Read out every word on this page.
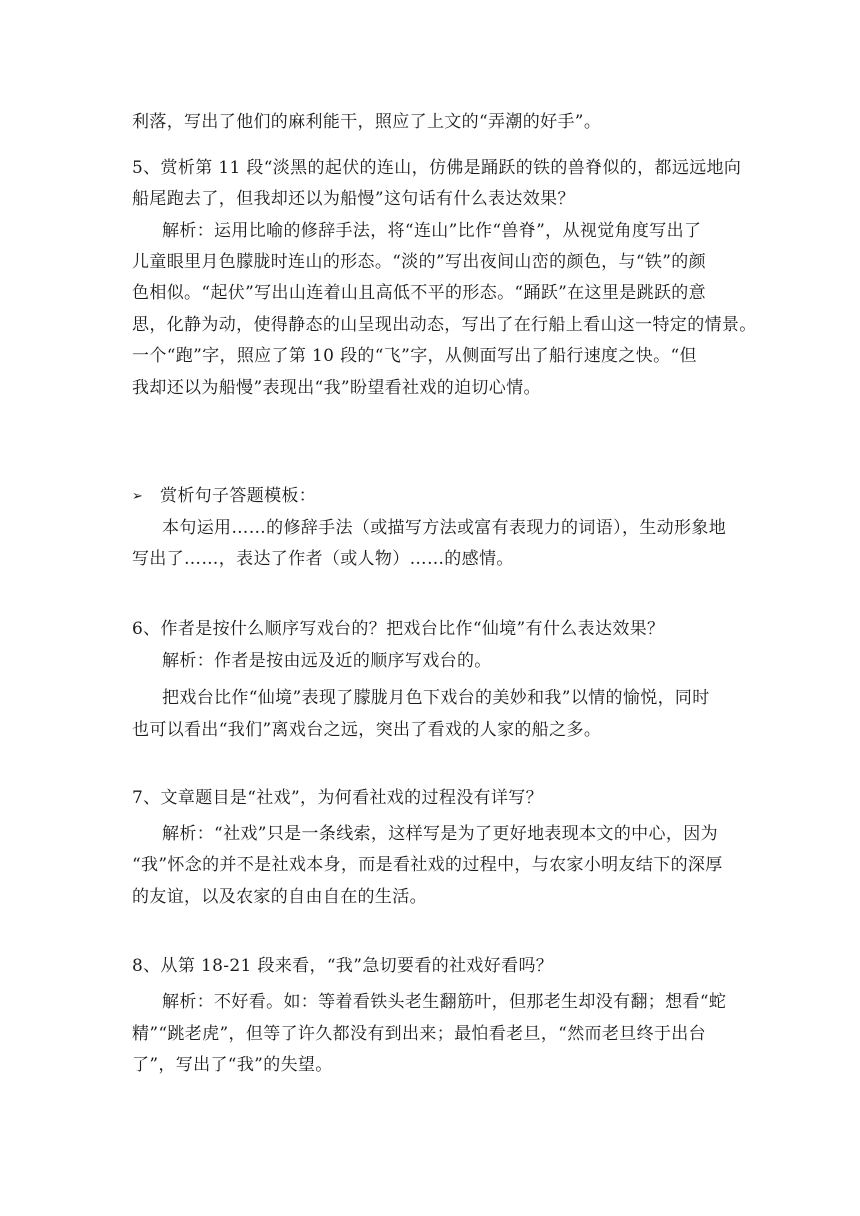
利落，写出了他们的麻利能干，照应了上文的“弄潮的好手”。
5、赏析第 11 段“淡黑的起伏的连山，仿佛是踊跃的铁的兽脊似的，都远远地向
船尾跑去了，但我却还以为船慢”这句话有什么表达效果？
解析：运用比喻的修辞手法，将“连山”比作“兽脊”，从视觉角度写出了
儿童眼里月色朦胧时连山的形态。“淡的”写出夜间山峦的颜色，与“铁”的颜
色相似。“起伏”写出山连着山且高低不平的形态。“踊跃”在这里是跳跃的意
思，化静为动，使得静态的山呈现出动态，写出了在行船上看山这一特定的情景。
一个“跑”字，照应了第 10 段的“飞”字，从侧面写出了船行速度之快。“但
我却还以为船慢”表现出“我”盼望看社戏的迫切心情。
➢ 赏析句子答题模板：
本句运用……的修辞手法（或描写方法或富有表现力的词语），生动形象地
写出了……，表达了作者（或人物）……的感情。
6、作者是按什么顺序写戏台的？把戏台比作“仙境”有什么表达效果？
解析：作者是按由远及近的顺序写戏台的。
把戏台比作“仙境”表现了朦胧月色下戏台的美妙和我”以情的愉悦，同时
也可以看出“我们”离戏台之远，突出了看戏的人家的船之多。
7、文章题目是“社戏”，为何看社戏的过程没有详写？
解析：“社戏”只是一条线索，这样写是为了更好地表现本文的中心，因为
“我”怀念的并不是社戏本身，而是看社戏的过程中，与农家小明友结下的深厚
的友谊，以及农家的自由自在的生活。
8、从第 18-21 段来看，“我”急切要看的社戏好看吗？
解析：不好看。如：等着看铁头老生翻筋叶，但那老生却没有翻；想看“蛇
精”“跳老虎”，但等了许久都没有到出来；最怕看老旦，“然而老旦终于出台
了”，写出了“我”的失望。
